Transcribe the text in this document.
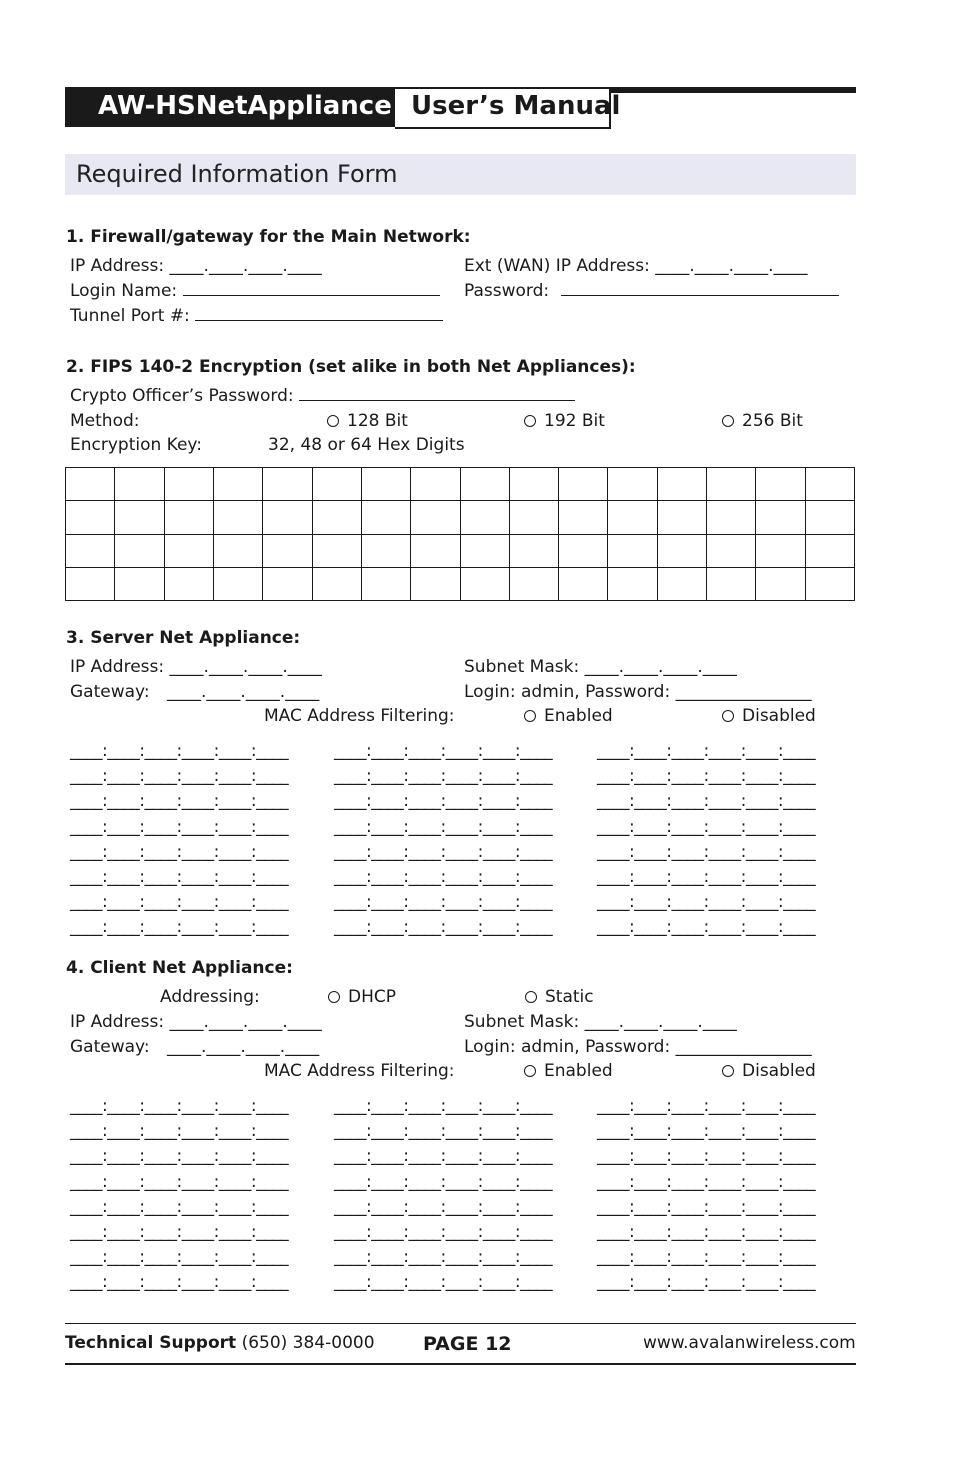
AW-HSNetAppliance User’s Manual
Required Information Form
1. Firewall/gateway for the Main Network:
IP Address: ____.____.____.____	Ext (WAN) IP Address: ____.____.____.____
Login Name:	Password:
Tunnel Port #:
2. FIPS 140-2 Encryption (set alike in both Net Appliances):
Crypto Officer’s Password:
Method:	128 Bit	192 Bit	256 Bit
Encryption Key:	32, 48 or 64 Hex Digits

3. Server Net Appliance:
IP Address: ____.____.____.____	Subnet Mask: ____.____.____.____
Gateway: ____.____.____.____	Login: admin, Password: ________________
MAC Address Filtering:	Enabled	Disabled
____:____:____:____:____:____	____:____:____:____:____:____	____:____:____:____:____:____
____:____:____:____:____:____	____:____:____:____:____:____	____:____:____:____:____:____
____:____:____:____:____:____	____:____:____:____:____:____	____:____:____:____:____:____
____:____:____:____:____:____	____:____:____:____:____:____	____:____:____:____:____:____
____:____:____:____:____:____	____:____:____:____:____:____	____:____:____:____:____:____
____:____:____:____:____:____	____:____:____:____:____:____	____:____:____:____:____:____
____:____:____:____:____:____	____:____:____:____:____:____	____:____:____:____:____:____
____:____:____:____:____:____	____:____:____:____:____:____	____:____:____:____:____:____
4. Client Net Appliance:
Addressing:	DHCP	Static
IP Address: ____.____.____.____	Subnet Mask: ____.____.____.____
Gateway: ____.____.____.____	Login: admin, Password: ________________
MAC Address Filtering:	Enabled	Disabled
____:____:____:____:____:____	____:____:____:____:____:____	____:____:____:____:____:____
____:____:____:____:____:____	____:____:____:____:____:____	____:____:____:____:____:____
____:____:____:____:____:____	____:____:____:____:____:____	____:____:____:____:____:____
____:____:____:____:____:____	____:____:____:____:____:____	____:____:____:____:____:____
____:____:____:____:____:____	____:____:____:____:____:____	____:____:____:____:____:____
____:____:____:____:____:____	____:____:____:____:____:____	____:____:____:____:____:____
____:____:____:____:____:____	____:____:____:____:____:____	____:____:____:____:____:____
____:____:____:____:____:____	____:____:____:____:____:____	____:____:____:____:____:____
Technical Support (650) 384-0000	PAGE 12	www.avalanwireless.com
